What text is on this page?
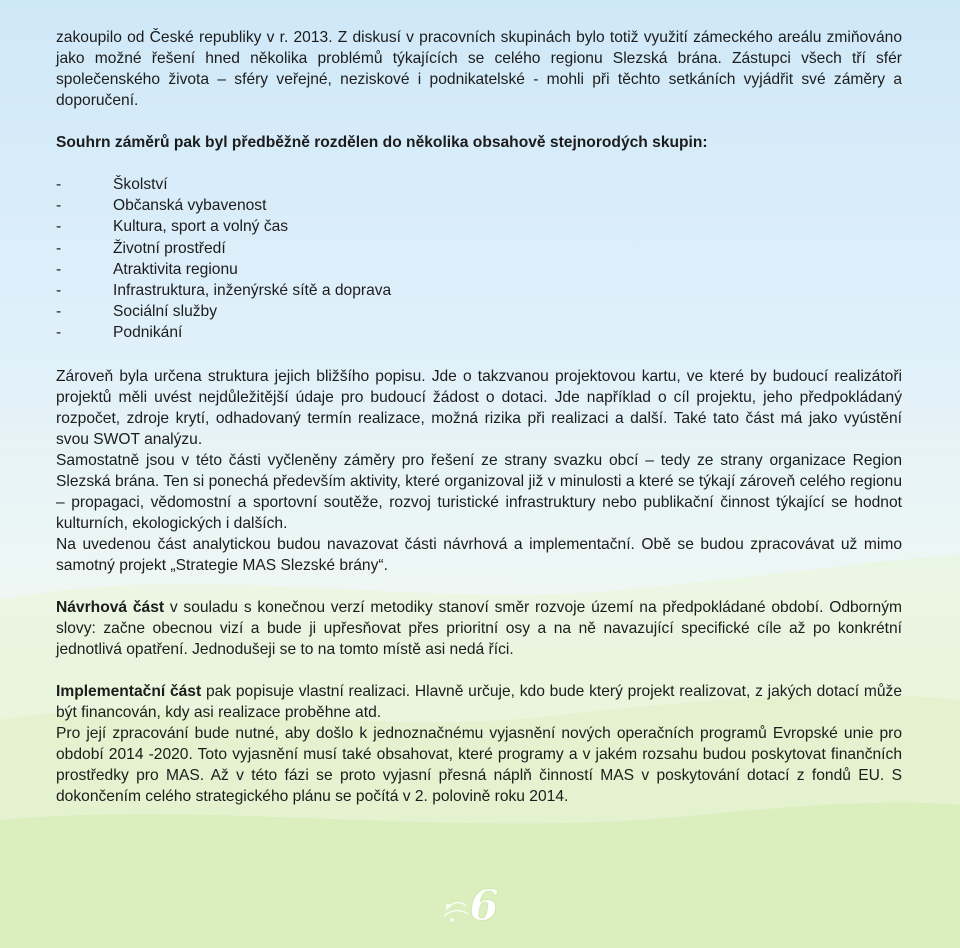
zakoupilo od České republiky v r. 2013. Z diskusí v pracovních skupinách bylo totiž využití zámeckého areálu zmiňováno jako možné řešení hned několika problémů týkajících se celého regionu Slezská brána. Zástupci všech tří sfér společenského života – sféry veřejné, neziskové i podnikatelské - mohli při těchto setkáních vyjádřit své záměry a doporučení.

Souhrn záměrů pak byl předběžně rozdělen do několika obsahově stejnorodých skupin:

-	Školství
-	Občanská vybavenost
-	Kultura, sport a volný čas
-	Životní prostředí
-	Atraktivita regionu
-	Infrastruktura, inženýrské sítě a doprava
-	Sociální služby
-	Podnikání

Zároveň byla určena struktura jejich bližšího popisu. Jde o takzvanou projektovou kartu, ve které by budoucí realizátoři projektů měli uvést nejdůležitější údaje pro budoucí žádost o dotaci. Jde například o cíl projektu, jeho předpokládaný rozpočet, zdroje krytí, odhadovaný termín realizace, možná rizika při realizaci a další. Také tato část má jako vyústění svou SWOT analýzu.

Samostatně jsou v této části vyčleněny záměry pro řešení ze strany svazku obcí – tedy ze strany organizace Region Slezská brána. Ten si ponechá především aktivity, které organizoval již v minulosti a které se týkají zároveň celého regionu – propagaci, vědomostní a sportovní soutěže, rozvoj turistické infrastruktury nebo publikační činnost týkající se hodnot kulturních, ekologických i dalších.

Na uvedenou část analytickou budou navazovat části návrhová a implementační. Obě se budou zpracovávat už mimo samotný projekt „Strategie MAS Slezské brány“.

Návrhová část v souladu s konečnou verzí metodiky stanoví směr rozvoje území na předpokládané období. Odborným slovy: začne obecnou vizí a bude ji upřesňovat přes prioritní osy a na ně navazující specifické cíle až po konkrétní jednotlivá opatření. Jednodušeji se to na tomto místě asi nedá říci.

Implementační část pak popisuje vlastní realizaci. Hlavně určuje, kdo bude který projekt realizovat, z jakých dotací může být financován, kdy asi realizace proběhne atd.

Pro její zpracování bude nutné, aby došlo k jednoznačnému vyjasnění nových operačních programů Evropské unie pro období 2014 -2020. Toto vyjasnění musí také obsahovat, které programy a v jakém rozsahu budou poskytovat finančních prostředky pro MAS. Až v této fázi se proto vyjasní přesná náplň činností MAS v poskytování dotací z fondů EU. S dokončením celého strategického plánu se počítá v 2. polovině roku 2014.

6
